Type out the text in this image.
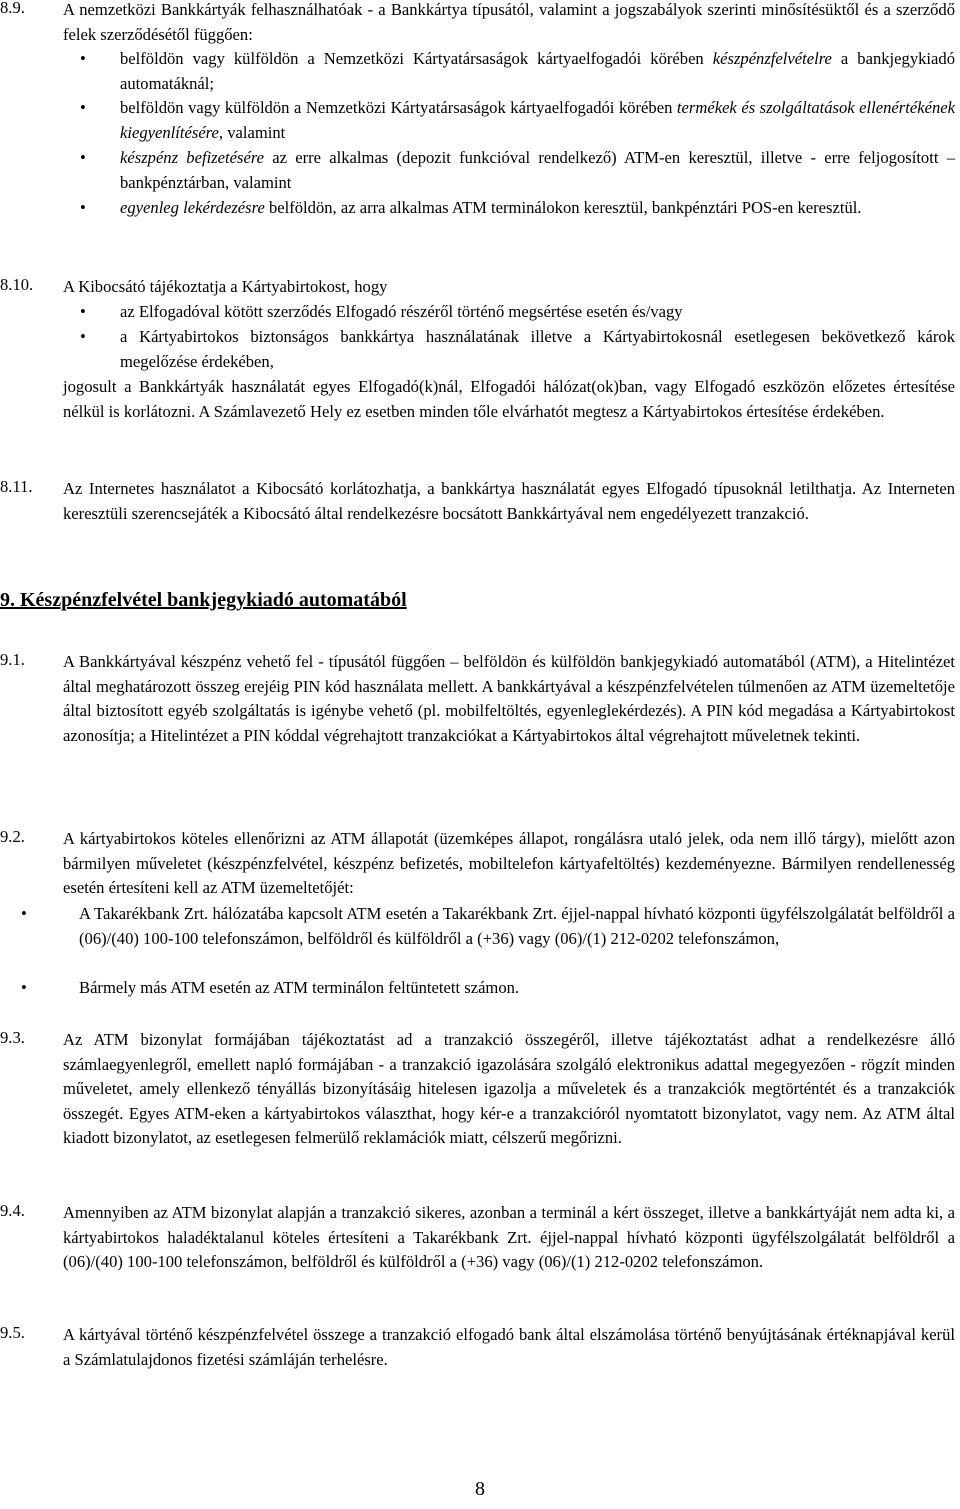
8.9. A nemzetközi Bankkártyák felhasználhatóak - a Bankkártya típusától, valamint a jogszabályok szerinti minősítésüktől és a szerződő felek szerződésétől függően:
• belföldön vagy külföldön a Nemzetközi Kártyatársaságok kártyaelfogadói körében készpénzfelvételre a bankjegykiadó automatáknál;
• belföldön vagy külföldön a Nemzetközi Kártyatársaságok kártyaelfogadói körében termékek és szolgáltatások ellenértékének kiegyenlítésére, valamint
• készpénz befizetésére az erre alkalmas (depozit funkcióval rendelkező) ATM-en keresztül, illetve - erre feljogosított – bankpénztárban, valamint
• egyenleg lekérdezésre belföldön, az arra alkalmas ATM terminálokon keresztül, bankpénztári POS-en keresztül.
8.10. A Kibocsátó tájékoztatja a Kártyabirtokost, hogy
• az Elfogadóval kötött szerződés Elfogadó részéről történő megsértése esetén és/vagy
• a Kártyabirtokos biztonságos bankkártya használatának illetve a Kártyabirtokosnál esetlegesen bekövetkező károk megelőzése érdekében,
jogosult a Bankkártyák használatát egyes Elfogadó(k)nál, Elfogadói hálózat(ok)ban, vagy Elfogadó eszközön előzetes értesítése nélkül is korlátozni. A Számlavezető Hely ez esetben minden tőle elvárhatót megtesz a Kártyabirtokos értesítése érdekében.
8.11. Az Internetes használatot a Kibocsátó korlátozhatja, a bankkártya használatát egyes Elfogadó típusoknál letilthatja. Az Interneten keresztüli szerencsejáték a Kibocsátó által rendelkezésre bocsátott Bankkártyával nem engedélyezett tranzakció.
9. Készpénzfelvétel bankjegykiadó automatából
9.1. A Bankkártyával készpénz vehető fel - típusától függően – belföldön és külföldön bankjegykiadó automatából (ATM), a Hitelintézet által meghatározott összeg erejéig PIN kód használata mellett. A bankkártyával a készpénzfelvételen túlmenően az ATM üzemeltetője által biztosított egyéb szolgáltatás is igénybe vehető (pl. mobilfeltöltés, egyenleglekérdezés). A PIN kód megadása a Kártyabirtokost azonosítja; a Hitelintézet a PIN kóddal végrehajtott tranzakciókat a Kártyabirtokos által végrehajtott műveletnek tekinti.
9.2. A kártyabirtokos köteles ellenőrizni az ATM állapotát (üzemképes állapot, rongálásra utaló jelek, oda nem illő tárgy), mielőtt azon bármilyen műveletet (készpénzfelvétel, készpénz befizetés, mobiltelefon kártyafeltöltés) kezdeményezne. Bármilyen rendellenesség esetén értesíteni kell az ATM üzemeltetőjét:
• A Takarékbank Zrt. hálózatába kapcsolt ATM esetén a Takarékbank Zrt. éjjel-nappal hívható központi ügyfélszolgálatát belföldről a (06)/(40) 100-100 telefonszámon, belföldről és külföldről a (+36) vagy (06)/(1) 212-0202 telefonszámon,
• Bármely más ATM esetén az ATM terminálon feltüntetett számon.
9.3. Az ATM bizonylat formájában tájékoztatást ad a tranzakció összegéről, illetve tájékoztatást adhat a rendelkezésre álló számlaegyenlegről, emellett napló formájában - a tranzakció igazolására szolgáló elektronikus adattal megegyezően - rögzít minden műveletet, amely ellenkező tényállás bizonyításáig hitelesen igazolja a műveletek és a tranzakciók megtörténtét és a tranzakciók összegét. Egyes ATM-eken a kártyabirtokos választhat, hogy kér-e a tranzakcióról nyomtatott bizonylatot, vagy nem. Az ATM által kiadott bizonylatot, az esetlegesen felmerülő reklamációk miatt, célszerű megőrizni.
9.4. Amennyiben az ATM bizonylat alapján a tranzakció sikeres, azonban a terminál a kért összeget, illetve a bankkártyáját nem adta ki, a kártyabirtokos haladéktalanul köteles értesíteni a Takarékbank Zrt. éjjel-nappal hívható központi ügyfélszolgálatát belföldről a (06)/(40) 100-100 telefonszámon, belföldről és külföldről a (+36) vagy (06)/(1) 212-0202 telefonszámon.
9.5. A kártyával történő készpénzfelvétel összege a tranzakció elfogadó bank által elszámolása történő benyújtásának értéknapjával kerül a Számlatulajdonos fizetési számláján terhelésre.
8
